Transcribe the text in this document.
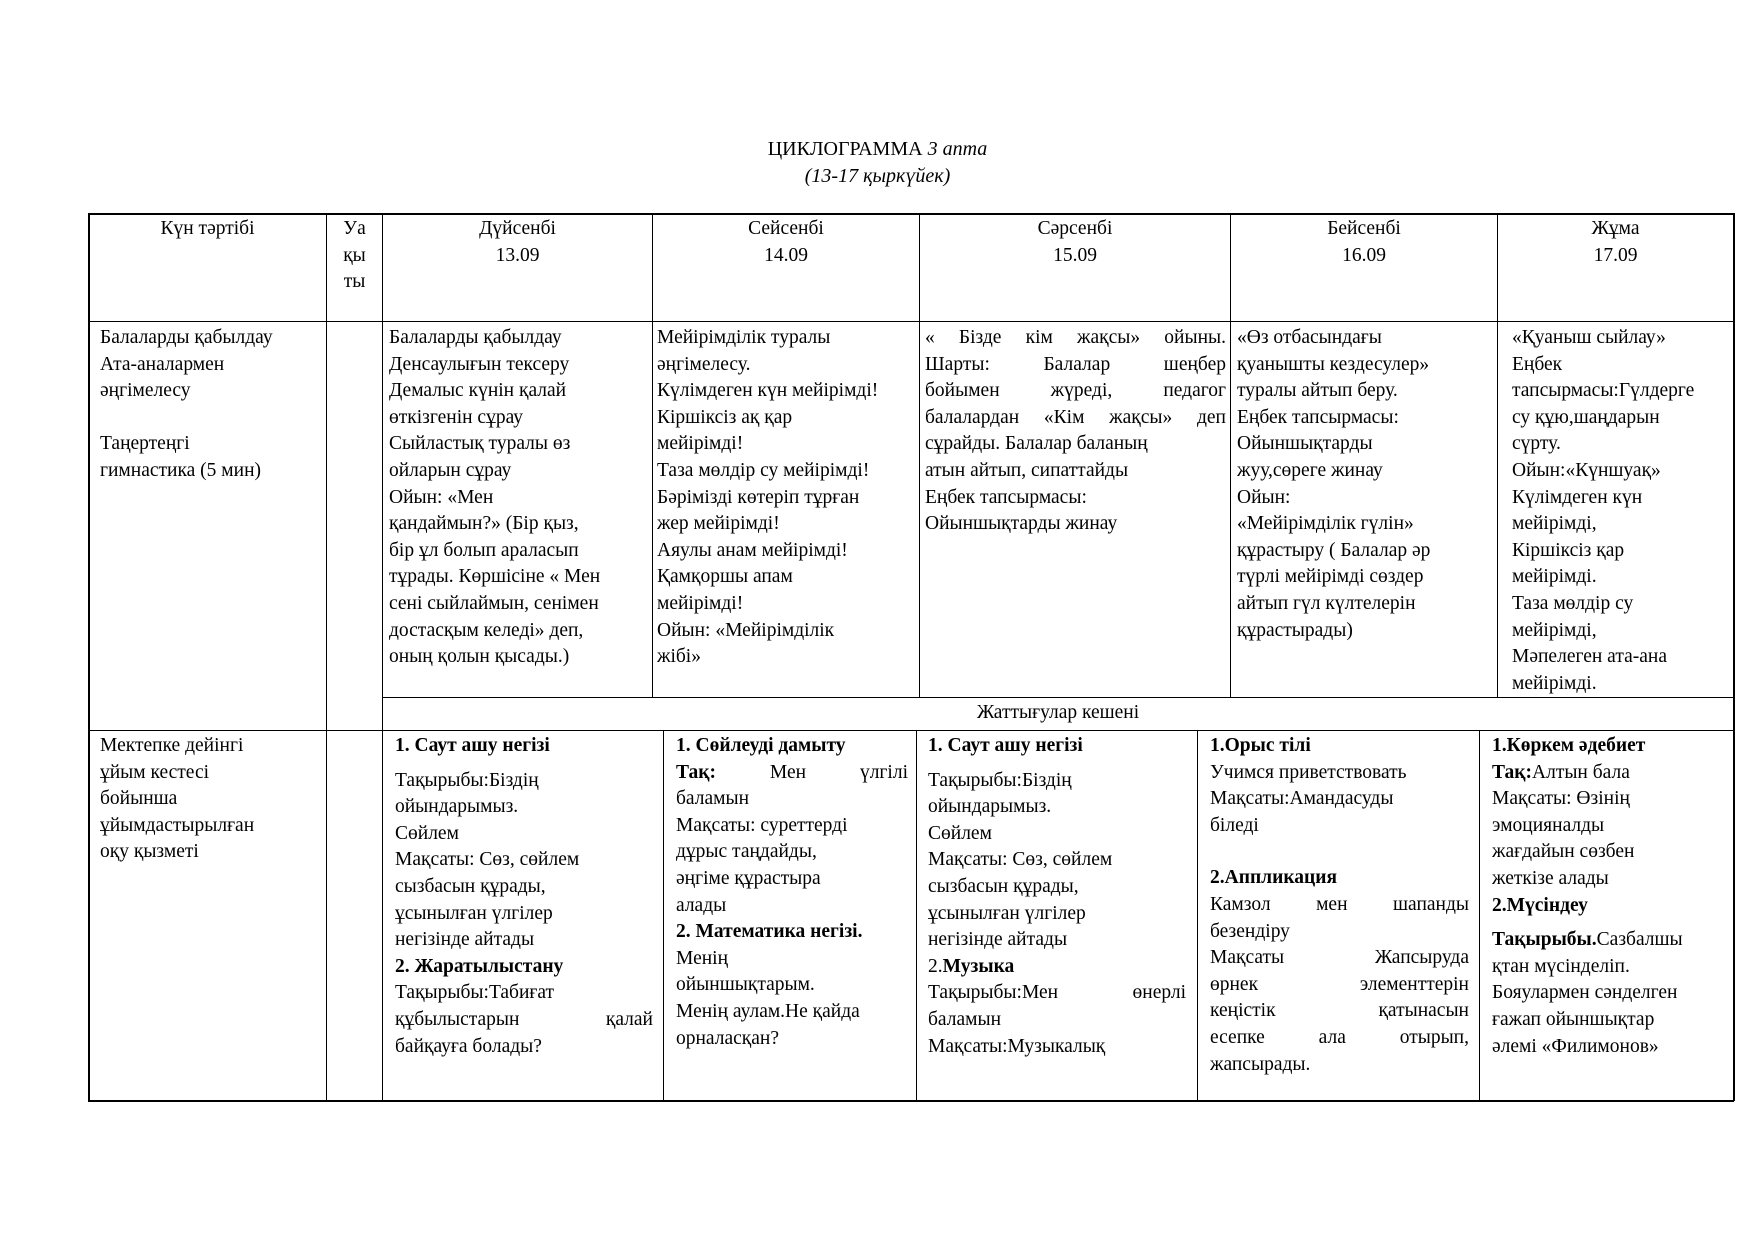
ЦИКЛОГРАММА 3 апта
(13-17 қыркүйек)
Күн тәртібі	Уа
қы
ты
Дүйсенбі
13.09
Сейсенбі
14.09
Сәрсенбі
15.09
Бейсенбі
16.09
Жұма
17.09
Балаларды қабылдау
Ата-аналармен
әңгімелесу

Таңертеңгі
гимнастика (5 мин)
Балаларды қабылдау
Денсаулығын тексеру
Демалыс күнін қалай
өткізгенін сұрау
Сыйластық туралы өз
ойларын сұрау
Ойын: «Мен
қандаймын?» (Бір қыз,
бір ұл болып араласып
тұрады. Көршісіне « Мен
сені сыйлаймын, сенімен
достасқым келеді» деп,
оның қолын қысады.)
Мейірімділік туралы
әңгімелесу.
Күлімдеген күн мейірімді!
Кіршіксіз ақ қар
мейірімді!
Таза мөлдір су мейірімді!
Бәрімізді көтеріп тұрған
жер мейірімді!
Аяулы анам мейірімді!
Қамқоршы апам
мейірімді!
Ойын: «Мейірімділік
жібі»
« Бізде кім жақсы» ойыны.
Шарты: Балалар шеңбер
бойымен жүреді, педагог
балалардан «Кім жақсы» деп
сұрайды. Балалар баланың
атын айтып, сипаттайды
Еңбек тапсырмасы:
Ойыншықтарды жинау
«Өз отбасындағы
қуанышты кездесулер»
туралы айтып беру.
Еңбек тапсырмасы:
Ойыншықтарды
жуу,сөреге жинау
Ойын:
«Мейірімділік гүлін»
құрастыру ( Балалар әр
түрлі мейірімді сөздер
айтып гүл күлтелерін
құрастырады)
«Қуаныш сыйлау»
Еңбек
тапсырмасы:Гүлдерге
су құю,шаңдарын
сүрту.
Ойын:«Күншуақ»
Күлімдеген күн
мейірімді,
Кіршіксіз қар
мейірімді.
Таза мөлдір су
мейірімді,
Мәпелеген ата-ана
мейірімді.
Жаттығулар кешені
Мектепке дейінгі
ұйым кестесі
бойынша
ұйымдастырылған
оқу қызметі
1. Саут ашу негізі
Тақырыбы:Біздің
ойындарымыз.
Сөйлем
Мақсаты: Сөз, сөйлем
сызбасын құрады,
ұсынылған үлгілер
негізінде айтады
2. Жаратылыстану
Тақырыбы:Табиғат
құбылыстарын қалай
байқауға болады?
1. Сөйлеуді дамыту
Тақ:	Мен үлгілі
баламын
Мақсаты: суреттерді
дұрыс таңдайды,
әңгіме құрастыра
алады
2. Математика негізі.
Менің
ойыншықтарым.
Менің аулам.Не қайда
орналасқан?
1. Саут ашу негізі
Тақырыбы:Біздің
ойындарымыз.
Сөйлем
Мақсаты: Сөз, сөйлем
сызбасын құрады,
ұсынылған үлгілер
негізінде айтады
2.Музыка
Тақырыбы:Мен өнерлі
баламын
Мақсаты:Музыкалық
1.Орыс тілі
Учимся приветствовать
Мақсаты:Амандасуды
біледі
2.Аппликация
Камзол мен шапанды
безендіру
Мақсаты Жапсыруда
өрнек элементтерін
кеңістік қатынасын
есепке ала отырып,
жапсырады.
1.Көркем әдебиет
Тақ:Алтын бала
Мақсаты: Өзінің
эмоцияналды
жағдайын сөзбен
жеткізе алады
2.Мүсіндеу
Тақырыбы.Сазбалшы
қтан мүсінделіп.
Бояулармен сәнделген
ғажап ойыншықтар
әлемі «Филимонов»
